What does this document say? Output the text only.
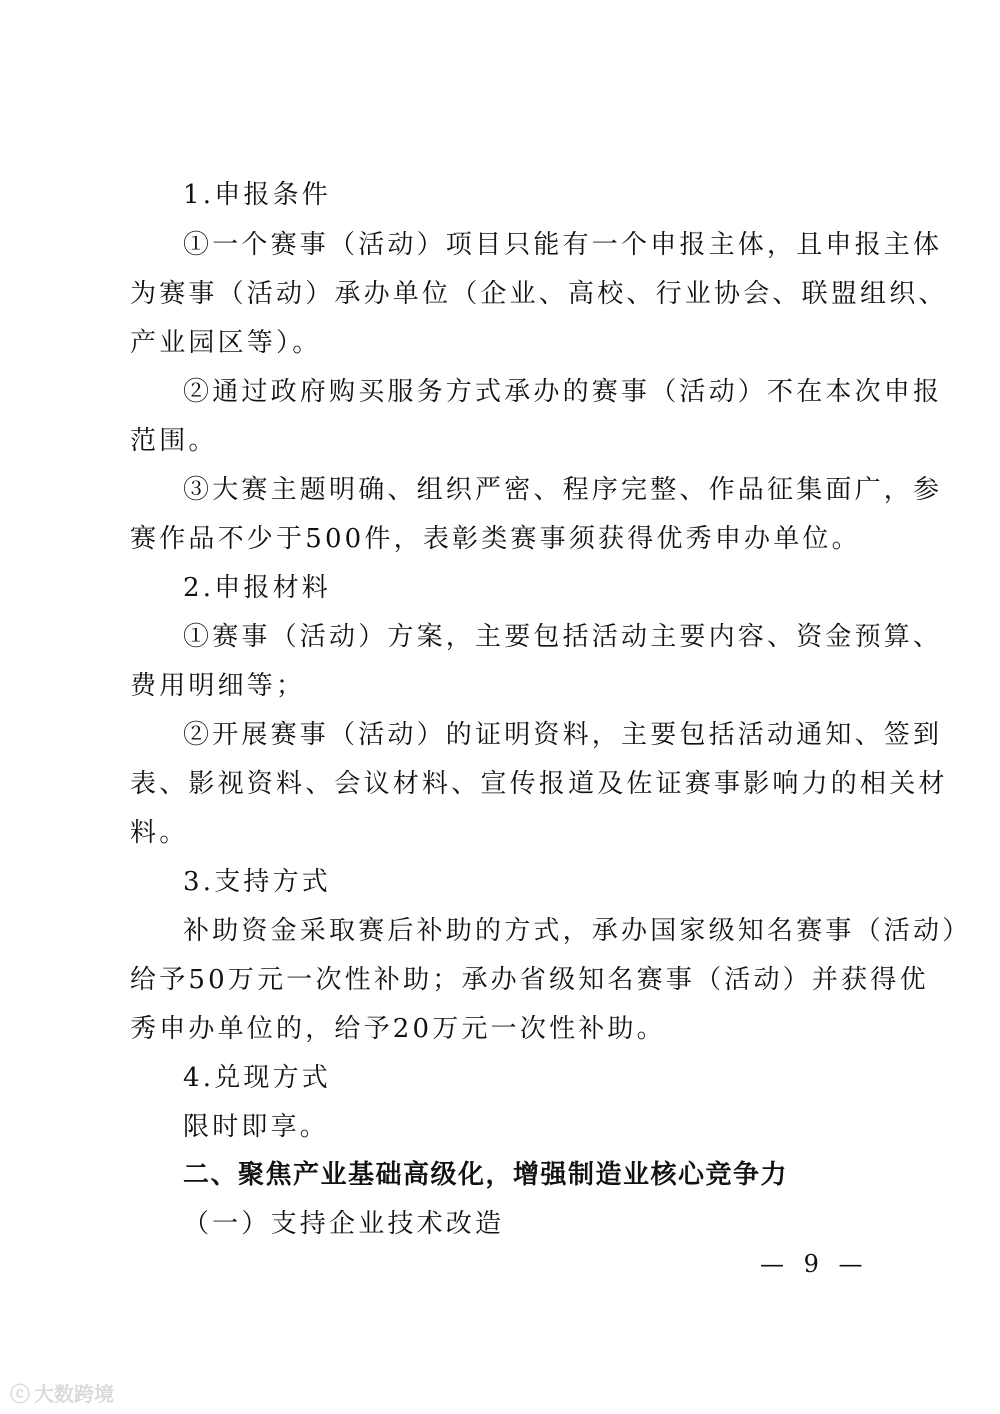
1.申报条件
①一个赛事（活动）项目只能有一个申报主体，且申报主体
为赛事（活动）承办单位（企业、高校、行业协会、联盟组织、
产业园区等）。
②通过政府购买服务方式承办的赛事（活动）不在本次申报
范围。
③大赛主题明确、组织严密、程序完整、作品征集面广，参
赛作品不少于500件，表彰类赛事须获得优秀申办单位。
2.申报材料
①赛事（活动）方案，主要包括活动主要内容、资金预算、
费用明细等；
②开展赛事（活动）的证明资料，主要包括活动通知、签到
表、影视资料、会议材料、宣传报道及佐证赛事影响力的相关材
料。
3.支持方式
补助资金采取赛后补助的方式，承办国家级知名赛事（活动）
给予50万元一次性补助；承办省级知名赛事（活动）并获得优
秀申办单位的，给予20万元一次性补助。
4.兑现方式
限时即享。
二、聚焦产业基础高级化，增强制造业核心竞争力
（一）支持企业技术改造
— 9 —
ⓒ 大数跨境
